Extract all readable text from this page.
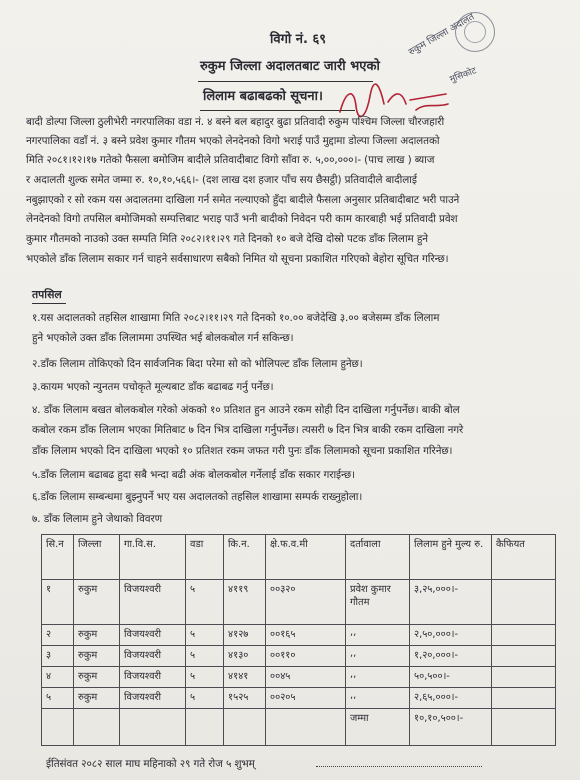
रुकुम जिल्ला अदालत
मुसिकोट
विगो नं. ६९
रुकुम जिल्ला अदालतबाट जारी भएको
लिलाम बढाबढको सूचना।
बादी डोल्पा जिल्ला ठुलीभेरी नगरपालिका वडा नं. ४ बस्ने बल बहादुर बुढा प्रतिवादी रुकुम पश्चिम जिल्ला चौरजहारी
नगरपालिका वडाँ नं. ३ बस्ने प्रवेश कुमार गौतम भएको लेनदेनको विगो भराई पाउँ मुद्दामा डोल्पा जिल्ला अदालतको
मिति २०८१।१२।१७ गतेको फैसला बमोजिम बादीले प्रतिवादीबाट विगो साँवा रु. ५,००,०००।- (पाच लाख ) ब्याज
र अदालती शुल्क समेत जम्मा रु. १०,१०,५६६।- (दश लाख दश हजार पाँच सय छैसट्ठी) प्रतिवादीले बादीलाई
नबुझाएको र सो रकम यस अदालतमा दाखिला गर्न समेत नल्याएको हुँदा बादीले फैसला अनुसार प्रतिबादीबाट भरी पाउने
लेनदेनको विगो तपसिल बमोजिमको सम्पत्तिबाट भराइ पाउँ भनी बादीको निवेदन परी काम कारबाही भई प्रतिवादी प्रवेश
कुमार गौतमको नाउको उक्त सम्पति मिति २०८२।११।२९ गते दिनको १० बजे देखि दोस्रो पटक डाँक लिलाम हुने
भएकोले डाँक लिलाम सकार गर्न चाहने सर्वसाधारण सबैको निमित यो सूचना प्रकाशित गरिएको बेहोरा सूचित गरिन्छ।
तपसिल
१.यस अदालतको तहसिल शाखामा मिति २०८२।११।२९ गते दिनको १०.०० बजेदेखि ३.०० बजेसम्म डाँक लिलाम
हुने भएकोले उक्त डाँक लिलाममा उपस्थित भई बोलकबोल गर्न सकिन्छ।
२.डाँक लिलाम तोकिएको दिन सार्वजनिक बिदा परेमा सो को भोलिपल्ट डाँक लिलाम हुनेछ।
३.कायम भएको न्युनतम पचोकृते मूल्यबाट डाँक बढाबढ गर्नु पर्नेछ।
४. डाँक लिलाम बखत बोलकबोल गरेको अंकको १० प्रतिशत हुन आउने रकम सोही दिन दाखिला गर्नुपर्नेछ। बाकी बोल
कबोल रकम डाँक लिलाम भएका मितिबाट ७ दिन भित्र दाखिला गर्नुपर्नेछ। त्यसरी ७ दिन भित्र बाकी रकम दाखिला नगरे
डाँक लिलाम भएको दिन दाखिला भएको १० प्रतिशत रकम जफत गरी पुनः डाँक लिलामको सूचना प्रकाशित गरिनेछ।
५.डाँक लिलाम बढाबढ हुदा सबै भन्दा बढी अंक बोलकबोल गर्नेलाई डाँक सकार गराईन्छ।
६.डाँक लिलाम सम्बन्धमा बुझ्नुपर्ने भए यस अदालतको तहसिल शाखामा सम्पर्क राख्नुहोला।
७. डाँक लिलाम हुने जेथाको विवरण
सि.न	जिल्ला	गा.वि.स.	वडा	कि.न.	क्षे.फ.व.मी	दर्तावाला	लिलाम हुने मुल्य रु.	कैफियत
१	रुकुम	विजयश्वरी	५	४११९	००३२०	प्रवेश कुमार गौतम	३,२५,०००।-	
२	रुकुम	विजयश्वरी	५	४१२७	००१६५	,,	२,५०,०००।-	
३	रुकुम	विजयश्वरी	५	४१३०	००११०	,,	१,२०,०००।-	
४	रुकुम	विजयश्वरी	५	४१४१	००४५	,,	५०,५००।-	
५	रुकुम	विजयश्वरी	५	१५२५	००२०५	,,	२,६५,०००।-	
						जम्मा	१०,१०,५००।-	
ईतिसंवत २०८२ साल माघ महिनाको २९ गते रोज ५ शुभम्
